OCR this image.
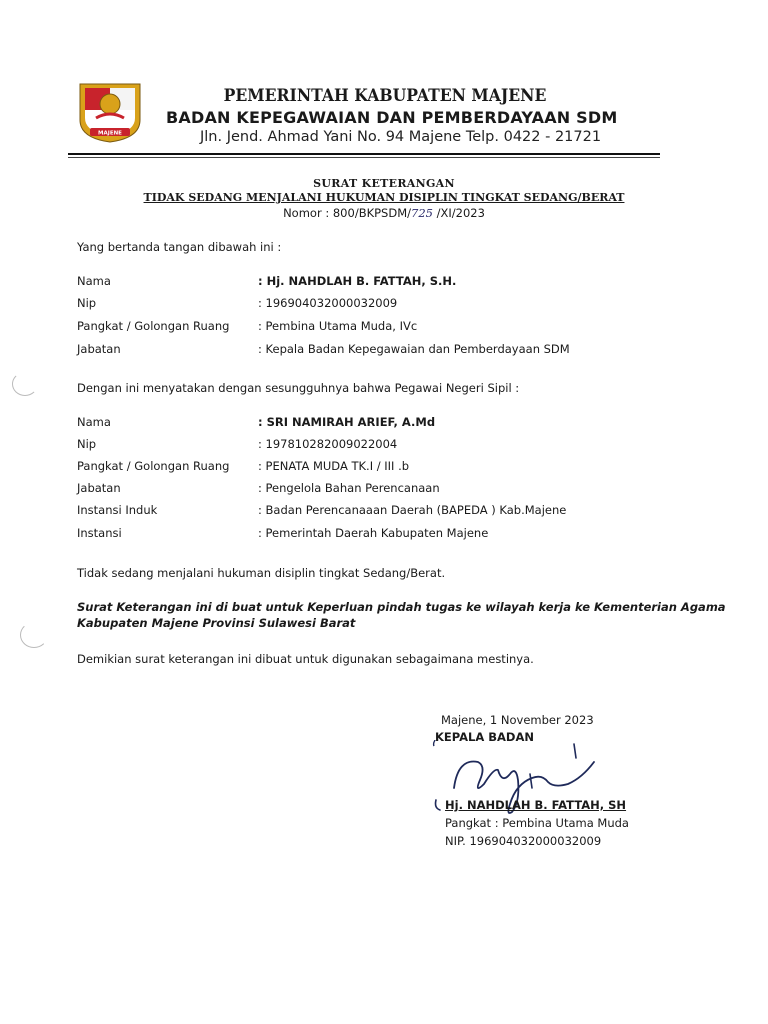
MAJENE
PEMERINTAH KABUPATEN MAJENE
BADAN KEPEGAWAIAN DAN PEMBERDAYAAN SDM
Jln. Jend. Ahmad Yani No. 94 Majene Telp. 0422 - 21721
SURAT KETERANGAN
TIDAK SEDANG MENJALANI HUKUMAN DISIPLIN TINGKAT SEDANG/BERAT
Nomor : 800/BKPSDM/725 /XI/2023
Yang bertanda tangan dibawah ini :
Nama	: Hj. NAHDLAH B. FATTAH, S.H.
Nip	: 196904032000032009
Pangkat / Golongan Ruang : Pembina Utama Muda, IVc
Jabatan	: Kepala Badan Kepegawaian dan Pemberdayaan SDM
Dengan ini menyatakan dengan sesungguhnya bahwa Pegawai Negeri Sipil :
Nama	: SRI NAMIRAH ARIEF, A.Md
Nip	: 197810282009022004
Pangkat / Golongan Ruang : PENATA MUDA TK.I / III .b
Jabatan	: Pengelola Bahan Perencanaan
Instansi Induk	: Badan Perencanaaan Daerah (BAPEDA ) Kab.Majene
Instansi	: Pemerintah Daerah Kabupaten Majene
Tidak sedang menjalani hukuman disiplin tingkat Sedang/Berat.
Surat Keterangan ini di buat untuk Keperluan pindah tugas ke wilayah kerja ke Kementerian Agama
Kabupaten Majene Provinsi Sulawesi Barat
Demikian surat keterangan ini dibuat untuk digunakan sebagaimana mestinya.
Majene, 1 November 2023
KEPALA BADAN
Hj. NAHDLAH B. FATTAH, SH
Pangkat : Pembina Utama Muda
NIP. 196904032000032009
